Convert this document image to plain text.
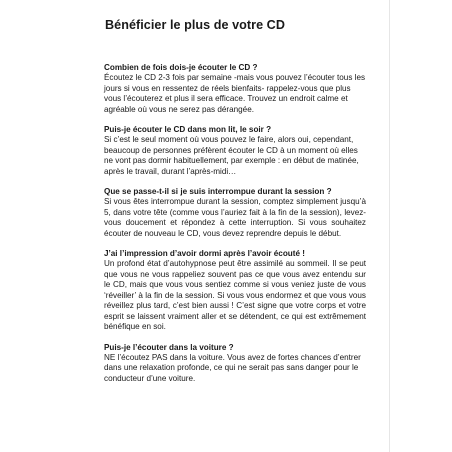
Bénéficier le plus de votre CD

Combien de fois dois-je écouter le CD ?

Écoutez le CD 2-3 fois par semaine -mais vous pouvez l’écouter tous les jours si vous en ressentez de réels bienfaits- rappelez-vous que plus vous l’écouterez et plus il sera efficace. Trouvez un endroit calme et agréable où vous ne serez pas dérangée.

Puis-je écouter le CD dans mon lit, le soir ?

Si c’est le seul moment où vous pouvez le faire, alors oui, cependant, beaucoup de personnes préfèrent écouter le CD à un moment où elles ne vont pas dormir habituellement, par exemple : en début de matinée, après le travail, durant l’après-midi…

Que se passe-t-il si je suis interrompue durant la session ?

Si vous êtes interrompue durant la session, comptez simplement jusqu’à 5, dans votre tête (comme vous l’auriez fait à la fin de la session), levez-vous doucement et répondez à cette interruption. Si vous souhaitez écouter de nouveau le CD, vous devez reprendre depuis le début.

J’ai l’impression d’avoir dormi après l’avoir écouté !

Un profond état d’autohypnose peut être assimilé au sommeil. Il se peut que vous ne vous rappeliez souvent pas ce que vous avez entendu sur le CD, mais que vous vous sentiez comme si vous veniez juste de vous ‘réveiller’ à la fin de la session. Si vous vous endormez et que vous vous réveillez plus tard, c’est bien aussi ! C’est signe que votre corps et votre esprit se laissent vraiment aller et se détendent, ce qui est extrêmement bénéfique en soi.

Puis-je l’écouter dans la voiture ?

NE l’écoutez PAS dans la voiture. Vous avez de fortes chances d’entrer dans une relaxation profonde, ce qui ne serait pas sans danger pour le conducteur d’une voiture.
